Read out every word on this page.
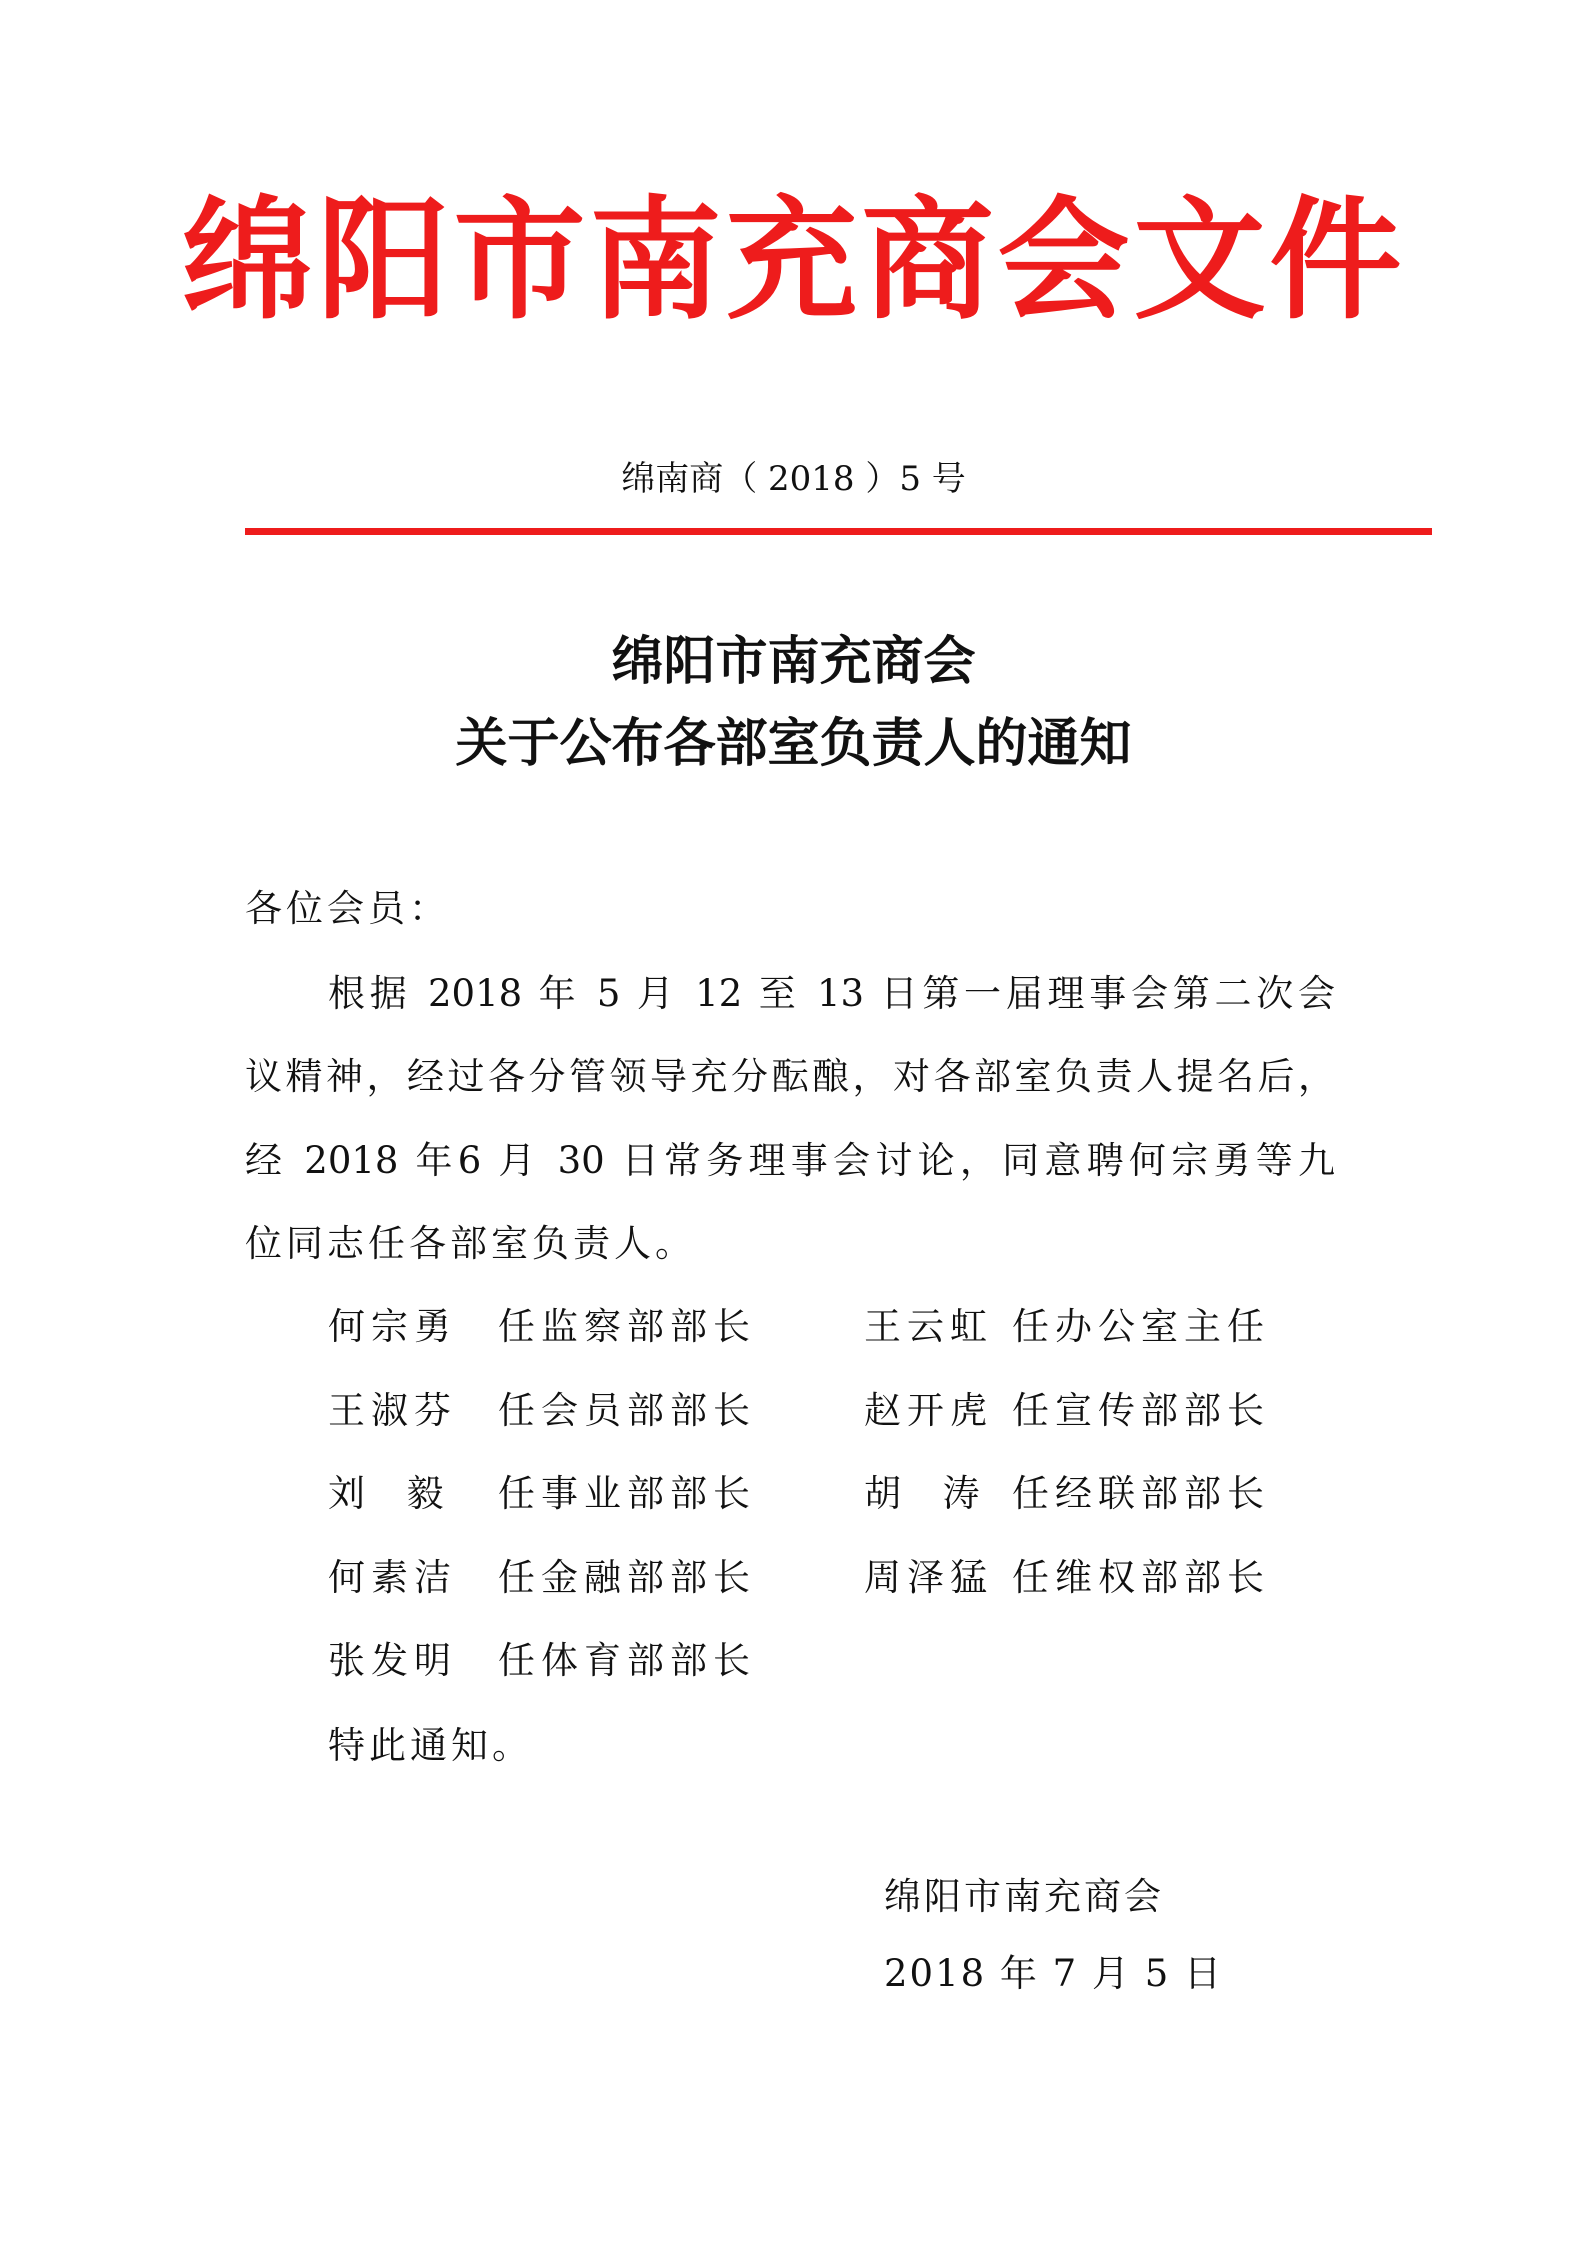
绵阳市南充商会文件
绵南商（ 2018 ）5 号
绵阳市南充商会
关于公布各部室负责人的通知
各位会员：
根据 2018 年 5 月 12 至 13 日第一届理事会第二次会
议精神，经过各分管领导充分酝酿，对各部室负责人提名后，
经 2018 年6 月 30 日常务理事会讨论，同意聘何宗勇等九
位同志任各部室负责人。
何宗勇 任监察部部长
王淑芬 任会员部部长
刘  毅 任事业部部长
何素洁 任金融部部长
张发明 任体育部部长
王云虹 任办公室主任
赵开虎 任宣传部部长
胡  涛 任经联部部长
周泽猛 任维权部部长
特此通知。
绵阳市南充商会
2018 年 7 月 5 日
